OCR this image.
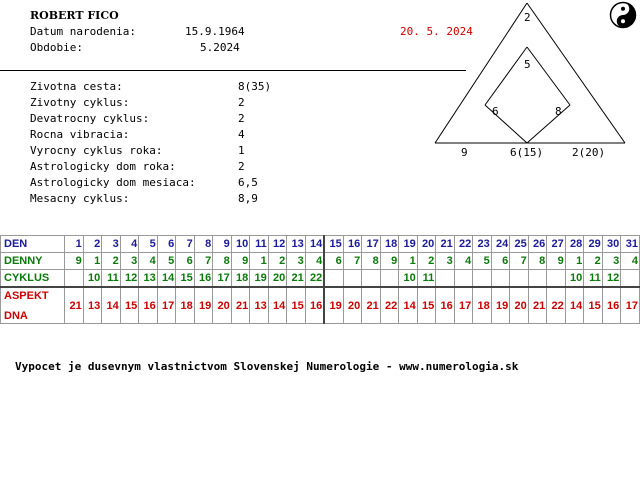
ROBERT FICO
Datum narodenia:	15.9.1964
Obdobie:	5.2024
20. 5. 2024
Zivotna cesta:	8(35)
Zivotny cyklus:	2
Devatrocny cyklus:	2
Rocna vibracia:	4
Vyrocny cyklus roka:	1
Astrologicky dom roka:	2
Astrologicky dom mesiaca:	6,5
Mesacny cyklus:	8,9
2
5
6	8
9	6(15)	2(20)
DEN	1	2	3	4	5	6	7	8	9	10	11	12	13	14	15	16	17	18	19	20	21	22	23	24	25	26	27	28	29	30	31
DENNY	9	1	2	3	4	5	6	7	8	9	1	2	3	4	6	7	8	9	1	2	3	4	5	6	7	8	9	1	2	3	4
CYKLUS		10	11	12	13	14	15	16	17	18	19	20	21	22					10	11								10	11	12	
ASPEKT
DNA	21	13	14	15	16	17	18	19	20	21	13	14	15	16	19	20	21	22	14	15	16	17	18	19	20	21	22	14	15	16	17
Vypocet je dusevnym vlastnictvom Slovenskej Numerologie - www.numerologia.sk
